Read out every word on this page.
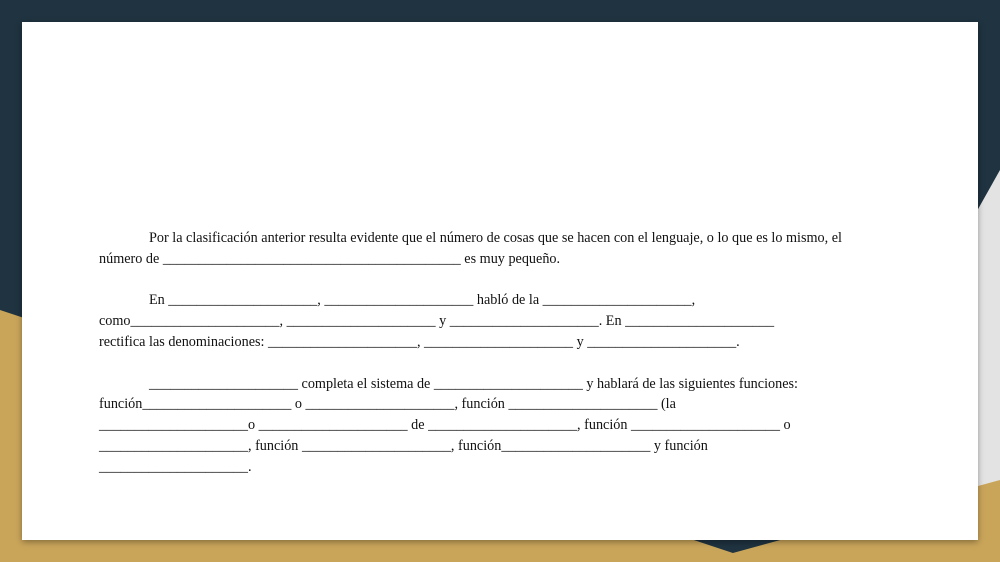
Por la clasificación anterior resulta evidente que el número de cosas que se hacen con el lenguaje, o lo que es lo mismo, el
número de __________________________________________ es muy pequeño.

En _____________________, _____________________ habló de la _____________________,
como_____________________, _____________________ y _____________________. En _____________________
rectifica las denominaciones: _____________________, _____________________ y _____________________.

_____________________ completa el sistema de _____________________ y hablará de las siguientes funciones:
función_____________________ o _____________________, función _____________________ (la
_____________________o _____________________ de _____________________, función _____________________ o
_____________________, función _____________________, función_____________________ y función
_____________________.
